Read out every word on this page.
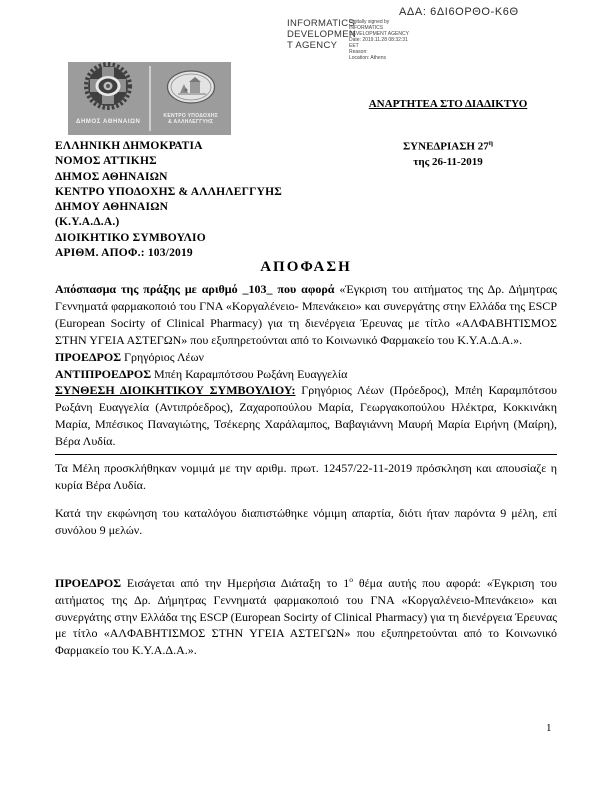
ΑΔΑ: 6ΔΙ6ΟΡΘΟ-Κ6Θ
INFORMATICS
DEVELOPMEN
T AGENCY
Digitally signed by
INFORMATICS
DEVELOPMENT AGENCY
Date: 2019.11.28 08:32:31
EET
Reason:
Location: Athens
ΔΗΜΟΣ ΑΘΗΝΑΙΩΝ
ΚΕΝΤΡΟ ΥΠΟΔΟΧΗΣ
& ΑΛΛΗΛΕΓΓΥΗΣ
ΕΛΛΗΝΙΚΗ ΔΗΜΟΚΡΑΤΙΑ
ΝΟΜΟΣ ΑΤΤΙΚΗΣ
ΔΗΜΟΣ ΑΘΗΝΑΙΩΝ
ΚΕΝΤΡΟ ΥΠΟΔΟΧΗΣ & ΑΛΛΗΛΕΓΓΥΗΣ
ΔΗΜΟΥ ΑΘΗΝΑΙΩΝ
(Κ.Υ.Α.Δ.Α.)
ΔΙΟΙΚΗΤΙΚΟ ΣΥΜΒΟΥΛΙΟ
ΑΡΙΘΜ. ΑΠΟΦ.: 103/2019
ΑΝΑΡΤΗΤΕΑ ΣΤΟ ΔΙΑΔΙΚΤΥΟ
ΣΥΝΕΔΡΙΑΣΗ $27^\eta$
της 26-11-2019
ΑΠΟΦΑΣΗ

Απόσπασμα της πράξης με αριθμό _103_ που αφορά «Έγκριση του αιτήματος της Δρ. Δήμητρας Γεννηματά φαρμακοποιό του ΓΝΑ «Κοργαλένειο- Μπενάκειο» και συνεργάτης στην Ελλάδα της ESCP (European Socirty of Clinical Pharmacy) για τη διενέργεια Έρευνας με τίτλο «ΑΛΦΑΒΗΤΙΣΜΟΣ ΣΤΗΝ ΥΓΕΙΑ ΑΣΤΕΓΩΝ» που εξυπηρετούνται από το Κοινωνικό Φαρμακείο του Κ.Υ.Α.Δ.Α.».

ΠΡΟΕΔΡΟΣ Γρηγόριος Λέων

ΑΝΤΙΠΡΟΕΔΡΟΣ Μπέη Καραμπότσου Ρωξάνη Ευαγγελία

ΣΥΝΘΕΣΗ ΔΙΟΙΚΗΤΙΚΟΥ ΣΥΜΒΟΥΛΙΟΥ: Γρηγόριος Λέων (Πρόεδρος), Μπέη Καραμπότσου Ρωξάνη Ευαγγελία (Αντιπρόεδρος), Ζαχαροπούλου Μαρία, Γεωργακοπούλου Ηλέκτρα, Κοκκινάκη Μαρία, Μπέσικος Παναγιώτης, Τσέκερης Χαράλαμπος, Βαβαγιάννη Μαυρή Μαρία Ειρήνη (Μαίρη), Βέρα Λυδία.

Τα Μέλη προσκλήθηκαν νομιμά με την αριθμ. πρωτ. 12457/22-11-2019 πρόσκληση και απουσίαζε η κυρία Βέρα Λυδία.

Κατά την εκφώνηση του καταλόγου διαπιστώθηκε νόμιμη απαρτία, διότι ήταν παρόντα 9 μέλη, επί συνόλου 9 μελών.

ΠΡΟΕΔΡΟΣ Εισάγεται από την Ημερήσια Διάταξη το $1^o$ θέμα αυτής που αφορά: «Έγκριση του αιτήματος της Δρ. Δήμητρας Γεννηματά φαρμακοποιό του ΓΝΑ «Κοργαλένειο-Μπενάκειο» και συνεργάτης στην Ελλάδα της ESCP (European Socirty of Clinical Pharmacy) για τη διενέργεια Έρευνας με τίτλο «ΑΛΦΑΒΗΤΙΣΜΟΣ ΣΤΗΝ ΥΓΕΙΑ ΑΣΤΕΓΩΝ» που εξυπηρετούνται από το Κοινωνικό Φαρμακείο του Κ.Υ.Α.Δ.Α.».

1
